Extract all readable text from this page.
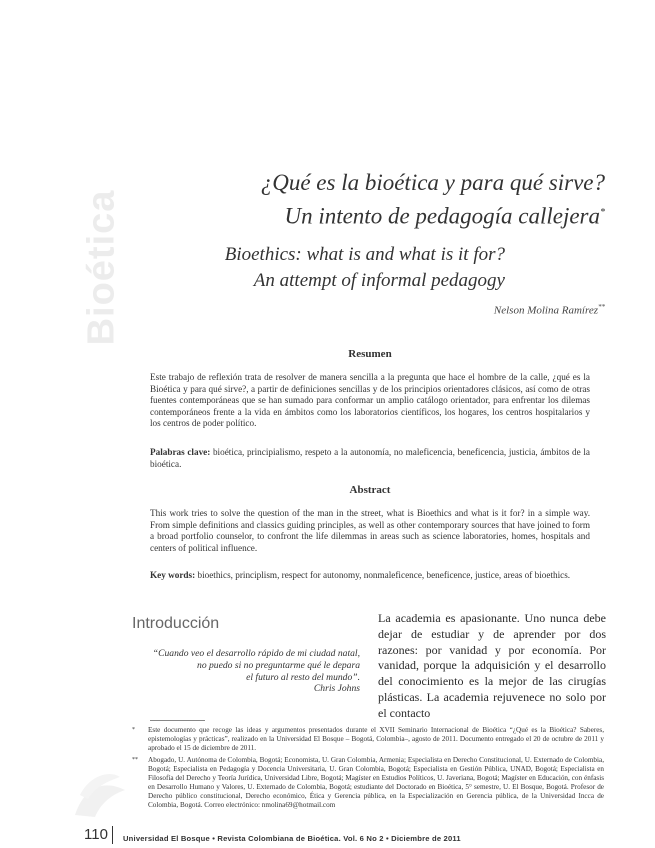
Bioética
¿Qué es la bioética y para qué sirve?
Un intento de pedagogía callejera*
Bioethics: what is and what is it for?
An attempt of informal pedagogy
Nelson Molina Ramírez**
Resumen
Este trabajo de reflexión trata de resolver de manera sencilla a la pregunta que hace el hombre de la calle, ¿qué es la Bioética y para qué sirve?, a partir de definiciones sencillas y de los principios orientadores clásicos, así como de otras fuentes contemporáneas que se han sumado para conformar un amplio catálogo orientador, para enfrentar los dilemas contemporáneos frente a la vida en ámbitos como los laboratorios científicos, los hogares, los centros hospitalarios y los centros de poder político.
Palabras clave: bioética, principialismo, respeto a la autonomía, no maleficencia, beneficencia, justicia, ámbitos de la bioética.
Abstract
This work tries to solve the question of the man in the street, what is Bioethics and what is it for? in a simple way. From simple definitions and classics guiding principles, as well as other contemporary sources that have joined to form a broad portfolio counselor, to confront the life dilemmas in areas such as science laboratories, homes, hospitals and centers of political influence.
Key words: bioethics, principlism, respect for autonomy, nonmaleficence, beneficence, justice, areas of bioethics.
Introducción
“Cuando veo el desarrollo rápido de mi ciudad natal,
no puedo si no preguntarme qué le depara
el futuro al resto del mundo”.
Chris Johns
La academia es apasionante. Uno nunca debe dejar de estudiar y de aprender por dos razones: por vanidad y por economía. Por vanidad, porque la adquisición y el desarrollo del conocimiento es la mejor de las cirugías plásticas. La academia rejuvenece no solo por el contacto
* Este documento que recoge las ideas y argumentos presentados durante el XVII Seminario Internacional de Bioética “¿Qué es la Bioética? Saberes, epistemologías y prácticas”, realizado en la Universidad El Bosque – Bogotá, Colombia–, agosto de 2011. Documento entregado el 20 de octubre de 2011 y aprobado el 15 de diciembre de 2011.
** Abogado, U. Autónoma de Colombia, Bogotá; Economista, U. Gran Colombia, Armenia; Especialista en Derecho Constitucional, U. Externado de Colombia, Bogotá; Especialista en Pedagogía y Docencia Universitaria, U. Gran Colombia, Bogotá; Especialista en Gestión Pública, UNAD, Bogotá; Especialista en Filosofía del Derecho y Teoría Jurídica, Universidad Libre, Bogotá; Magíster en Estudios Políticos, U. Javeriana, Bogotá; Magíster en Educación, con énfasis en Desarrollo Humano y Valores, U. Externado de Colombia, Bogotá; estudiante del Doctorado en Bioética, 5° semestre, U. El Bosque, Bogotá. Profesor de Derecho público constitucional, Derecho económico, Ética y Gerencia pública, en la Especialización en Gerencia pública, de la Universidad Incca de Colombia, Bogotá. Correo electrónico: nmolina69@hotmail.com
110 Universidad El Bosque • Revista Colombiana de Bioética. Vol. 6 No 2 • Diciembre de 2011
